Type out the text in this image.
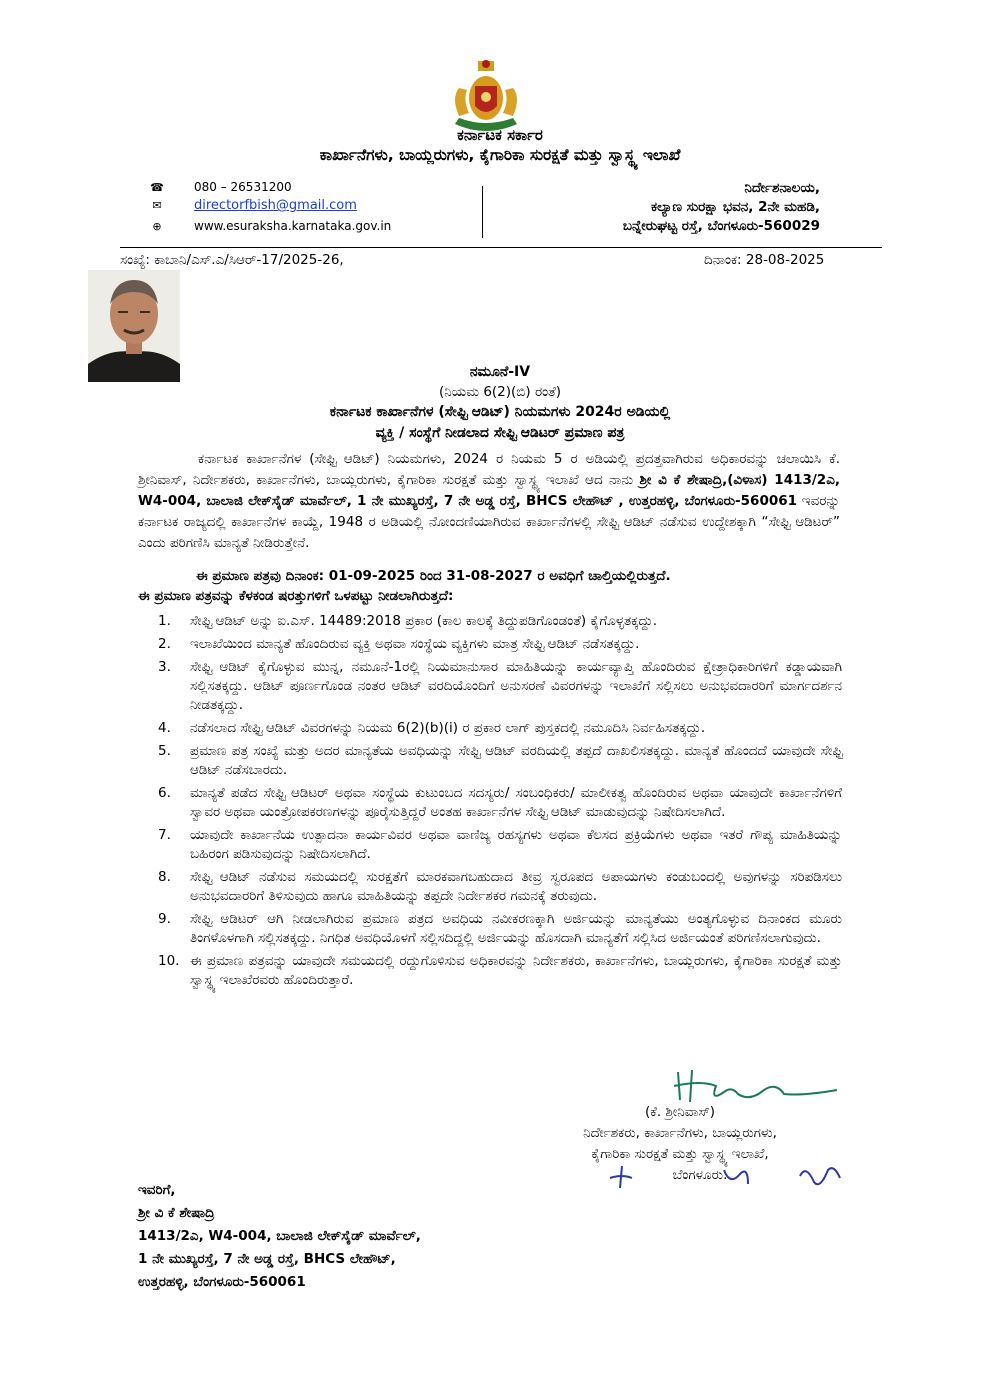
ಕರ್ನಾಟಕ ಸರ್ಕಾರ
ಕಾರ್ಖಾನೆಗಳು, ಬಾಯ್ಲರುಗಳು, ಕೈಗಾರಿಕಾ ಸುರಕ್ಷತೆ ಮತ್ತು ಸ್ವಾಸ್ಥ್ಯ ಇಲಾಖೆ
☎	080 – 26531200
✉ directorfbish@gmail.com
⊕	www.esuraksha.karnataka.gov.in
ನಿರ್ದೇಶನಾಲಯ,
ಕಲ್ಯಾಣ ಸುರಕ್ಷಾ ಭವನ, 2ನೇ ಮಹಡಿ,
ಬನ್ನೇರುಘಟ್ಟ ರಸ್ತೆ, ಬೆಂಗಳೂರು-560029
ಸಂಖ್ಯೆ: ಕಾಬಾನಿ/ಎಸ್.ಎ/ಸಿಆರ್-17/2025-26,	ದಿನಾಂಕ: 28-08-2025
ನಮೂನೆ-IV
(ನಿಯಮ 6(2)(ಬಿ) ರಂತೆ)
ಕರ್ನಾಟಕ ಕಾರ್ಖಾನೆಗಳ (ಸೇಫ್ಟಿ ಆಡಿಟ್) ನಿಯಮಗಳು 2024ರ ಅಡಿಯಲ್ಲಿ
ವ್ಯಕ್ತಿ / ಸಂಸ್ಥೆಗೆ ನೀಡಲಾದ ಸೇಫ್ಟಿ ಆಡಿಟರ್ ಪ್ರಮಾಣ ಪತ್ರ
ಕರ್ನಾಟಕ ಕಾರ್ಖಾನೆಗಳ (ಸೇಫ್ಟಿ ಆಡಿಟ್) ನಿಯಮಗಳು, 2024 ರ ನಿಯಮ 5 ರ ಅಡಿಯಲ್ಲಿ ಪ್ರದತ್ತವಾಗಿರುವ ಅಧಿಕಾರವನ್ನು ಚಲಾಯಿಸಿ ಕೆ. ಶ್ರೀನಿವಾಸ್, ನಿರ್ದೇಶಕರು, ಕಾರ್ಖಾನೆಗಳು, ಬಾಯ್ಲರುಗಳು, ಕೈಗಾರಿಕಾ ಸುರಕ್ಷತೆ ಮತ್ತು ಸ್ವಾಸ್ಥ್ಯ ಇಲಾಖೆ ಆದ ನಾನು ಶ್ರೀ ವಿ ಕೆ ಶೇಷಾದ್ರಿ,(ವಿಳಾಸ) 1413/2ಎ, W4-004, ಬಾಲಾಜಿ ಲೇಕ್‌ಸೈಡ್ ಮಾರ್ವೆಲ್, 1 ನೇ ಮುಖ್ಯರಸ್ತೆ, 7 ನೇ ಅಡ್ಡ ರಸ್ತೆ, BHCS ಲೇಹೌಟ್ , ಉತ್ತರಹಳ್ಳಿ, ಬೆಂಗಳೂರು-560061 ಇವರನ್ನು ಕರ್ನಾಟಕ ರಾಜ್ಯದಲ್ಲಿ ಕಾರ್ಖಾನೆಗಳ ಕಾಯ್ದೆ, 1948 ರ ಅಡಿಯಲ್ಲಿ ನೋಂದಣಿಯಾಗಿರುವ ಕಾರ್ಖಾನೆಗಳಲ್ಲಿ ಸೇಫ್ಟಿ ಆಡಿಟ್ ನಡೆಸುವ ಉದ್ದೇಶಕ್ಕಾಗಿ “ಸೇಫ್ಟಿ ಆಡಿಟರ್” ಎಂದು ಪರಿಗಣಿಸಿ ಮಾನ್ಯತೆ ನೀಡಿರುತ್ತೇನೆ.
ಈ ಪ್ರಮಾಣ ಪತ್ರವು ದಿನಾಂಕ: 01-09-2025 ರಿಂದ 31-08-2027 ರ ಅವಧಿಗೆ ಚಾಲ್ತಿಯಲ್ಲಿರುತ್ತದೆ.
ಈ ಪ್ರಮಾಣ ಪತ್ರವನ್ನು ಕೆಳಕಂಡ ಷರತ್ತುಗಳಿಗೆ ಒಳಪಟ್ಟು ನೀಡಲಾಗಿರುತ್ತದೆ:
1. ಸೇಫ್ಟಿ ಆಡಿಟ್ ಅನ್ನು ಐ.ಎಸ್. 14489:2018 ಪ್ರಕಾರ (ಕಾಲ ಕಾಲಕ್ಕೆ ತಿದ್ದುಪಡಿಗೊಂಡಂತೆ) ಕೈಗೊಳ್ಳತಕ್ಕದ್ದು.
2. ಇಲಾಖೆಯಿಂದ ಮಾನ್ಯತೆ ಹೊಂದಿರುವ ವ್ಯಕ್ತಿ ಅಥವಾ ಸಂಸ್ಥೆಯ ವ್ಯಕ್ತಿಗಳು ಮಾತ್ರ ಸೇಫ್ಟಿ ಆಡಿಟ್ ನಡೆಸತಕ್ಕದ್ದು.
3. ಸೇಫ್ಟಿ ಆಡಿಟ್ ಕೈಗೊಳ್ಳುವ ಮುನ್ನ, ನಮೂನೆ-1ರಲ್ಲಿ ನಿಯಮಾನುಸಾರ ಮಾಹಿತಿಯನ್ನು ಕಾರ್ಯವ್ಯಾಪ್ತಿ ಹೊಂದಿರುವ ಕ್ಷೇತ್ರಾಧಿಕಾರಿಗಳಿಗೆ ಕಡ್ಡಾಯವಾಗಿ ಸಲ್ಲಿಸತಕ್ಕದ್ದು. ಆಡಿಟ್ ಪೂರ್ಣಗೊಂಡ ನಂತರ ಆಡಿಟ್ ವರದಿಯೊಂದಿಗೆ ಅನುಸರಣೆ ವಿವರಗಳನ್ನು ಇಲಾಖೆಗೆ ಸಲ್ಲಿಸಲು ಅನುಭವದಾರರಿಗೆ ಮಾರ್ಗದರ್ಶನ ನೀಡತಕ್ಕದ್ದು.
4. ನಡೆಸಲಾದ ಸೇಫ್ಟಿ ಆಡಿಟ್ ವಿವರಗಳನ್ನು ನಿಯಮ 6(2)(b)(i) ರ ಪ್ರಕಾರ ಲಾಗ್ ಪುಸ್ತಕದಲ್ಲಿ ನಮೂದಿಸಿ ನಿರ್ವಹಿಸತಕ್ಕದ್ದು.
5. ಪ್ರಮಾಣ ಪತ್ರ ಸಂಖ್ಯೆ ಮತ್ತು ಅದರ ಮಾನ್ಯತೆಯ ಅವಧಿಯನ್ನು ಸೇಫ್ಟಿ ಆಡಿಟ್ ವರದಿಯಲ್ಲಿ ತಪ್ಪದೆ ದಾಖಲಿಸತಕ್ಕದ್ದು. ಮಾನ್ಯತೆ ಹೊಂದದೆ ಯಾವುದೇ ಸೇಫ್ಟಿ ಆಡಿಟ್ ನಡೆಸಬಾರದು.
6. ಮಾನ್ಯತೆ ಪಡೆದ ಸೇಫ್ಟಿ ಆಡಿಟರ್ ಅಥವಾ ಸಂಸ್ಥೆಯ ಕುಟುಂಬದ ಸದಸ್ಯರು/ ಸಂಬಂಧಿಕರು/ ಮಾಲೀಕತ್ವ ಹೊಂದಿರುವ ಅಥವಾ ಯಾವುದೇ ಕಾರ್ಖಾನೆಗಳಿಗೆ ಸ್ವಾವರ ಅಥವಾ ಯಂತ್ರೋಪಕರಣಗಳನ್ನು ಪೂರೈಸುತ್ತಿದ್ದರೆ ಅಂತಹ ಕಾರ್ಖಾನೆಗಳ ಸೇಫ್ಟಿ ಆಡಿಟ್ ಮಾಡುವುದನ್ನು ನಿಷೇದಿಸಲಾಗಿದೆ.
7. ಯಾವುದೇ ಕಾರ್ಖಾನೆಯ ಉತ್ಪಾದನಾ ಕಾರ್ಯವಿವರ ಅಥವಾ ವಾಣಿಜ್ಯ ರಹಸ್ಯಗಳು ಅಥವಾ ಕೆಲಸದ ಪ್ರಕ್ರಿಯೆಗಳು ಅಥವಾ ಇತರೆ ಗೌಪ್ಯ ಮಾಹಿತಿಯನ್ನು ಬಹಿರಂಗ ಪಡಿಸುವುದನ್ನು ನಿಷೇದಿಸಲಾಗಿದೆ.
8. ಸೇಫ್ಟಿ ಆಡಿಟ್ ನಡೆಸುವ ಸಮಯದಲ್ಲಿ ಸುರಕ್ಷತೆಗೆ ಮಾರಕವಾಗಬಹುದಾದ ತೀವ್ರ ಸ್ವರೂಪದ ಅಪಾಯಗಳು ಕಂಡುಬಂದಲ್ಲಿ ಅವುಗಳನ್ನು ಸರಿಪಡಿಸಲು ಅನುಭವದಾರರಿಗೆ ತಿಳಿಸುವುದು ಹಾಗೂ ಮಾಹಿತಿಯನ್ನು ತಪ್ಪದೇ ನಿರ್ದೇಶಕರ ಗಮನಕ್ಕೆ ತರುವುದು.
9. ಸೇಫ್ಟಿ ಆಡಿಟರ್ ಆಗಿ ನೀಡಲಾಗಿರುವ ಪ್ರಮಾಣ ಪತ್ರದ ಅವಧಿಯ ನವೀಕರಣಕ್ಕಾಗಿ ಅರ್ಜಿಯನ್ನು ಮಾನ್ಯತೆಯು ಅಂತ್ಯಗೊಳ್ಳುವ ದಿನಾಂಕದ ಮೂರು ತಿಂಗಳೊಳಗಾಗಿ ಸಲ್ಲಿಸತಕ್ಕದ್ದು. ನಿಗಧಿತ ಅವಧಿಯೊಳಗೆ ಸಲ್ಲಿಸದಿದ್ದಲ್ಲಿ ಅರ್ಜಿಯನ್ನು ಹೊಸದಾಗಿ ಮಾನ್ಯತೆಗೆ ಸಲ್ಲಿಸಿದ ಅರ್ಜಿಯಂತೆ ಪರಿಗಣಿಸಲಾಗುವುದು.
10. ಈ ಪ್ರಮಾಣ ಪತ್ರವನ್ನು ಯಾವುದೇ ಸಮಯದಲ್ಲಿ ರದ್ದುಗೊಳಿಸುವ ಅಧಿಕಾರವನ್ನು ನಿರ್ದೇಶಕರು, ಕಾರ್ಖಾನೆಗಳು, ಬಾಯ್ಲರುಗಳು, ಕೈಗಾರಿಕಾ ಸುರಕ್ಷತೆ ಮತ್ತು ಸ್ವಾಸ್ಥ್ಯ ಇಲಾಖೆರವರು ಹೊಂದಿರುತ್ತಾರೆ.
(ಕೆ. ಶ್ರೀನಿವಾಸ್)
ನಿರ್ದೇಶಕರು, ಕಾರ್ಖಾನೆಗಳು, ಬಾಯ್ಲರುಗಳು,
ಕೈಗಾರಿಕಾ ಸುರಕ್ಷತೆ ಮತ್ತು ಸ್ವಾಸ್ಥ್ಯ ಇಲಾಖೆ,
ಬೆಂಗಳೂರು.
ಇವರಿಗೆ,
ಶ್ರೀ ವಿ ಕೆ ಶೇಷಾದ್ರಿ
1413/2ಎ, W4-004, ಬಾಲಾಜಿ ಲೇಕ್‌ಸೈಡ್ ಮಾರ್ವೆಲ್,
1 ನೇ ಮುಖ್ಯರಸ್ತೆ, 7 ನೇ ಅಡ್ಡ ರಸ್ತೆ, BHCS ಲೇಹೌಟ್,
ಉತ್ತರಹಳ್ಳಿ, ಬೆಂಗಳೂರು-560061
